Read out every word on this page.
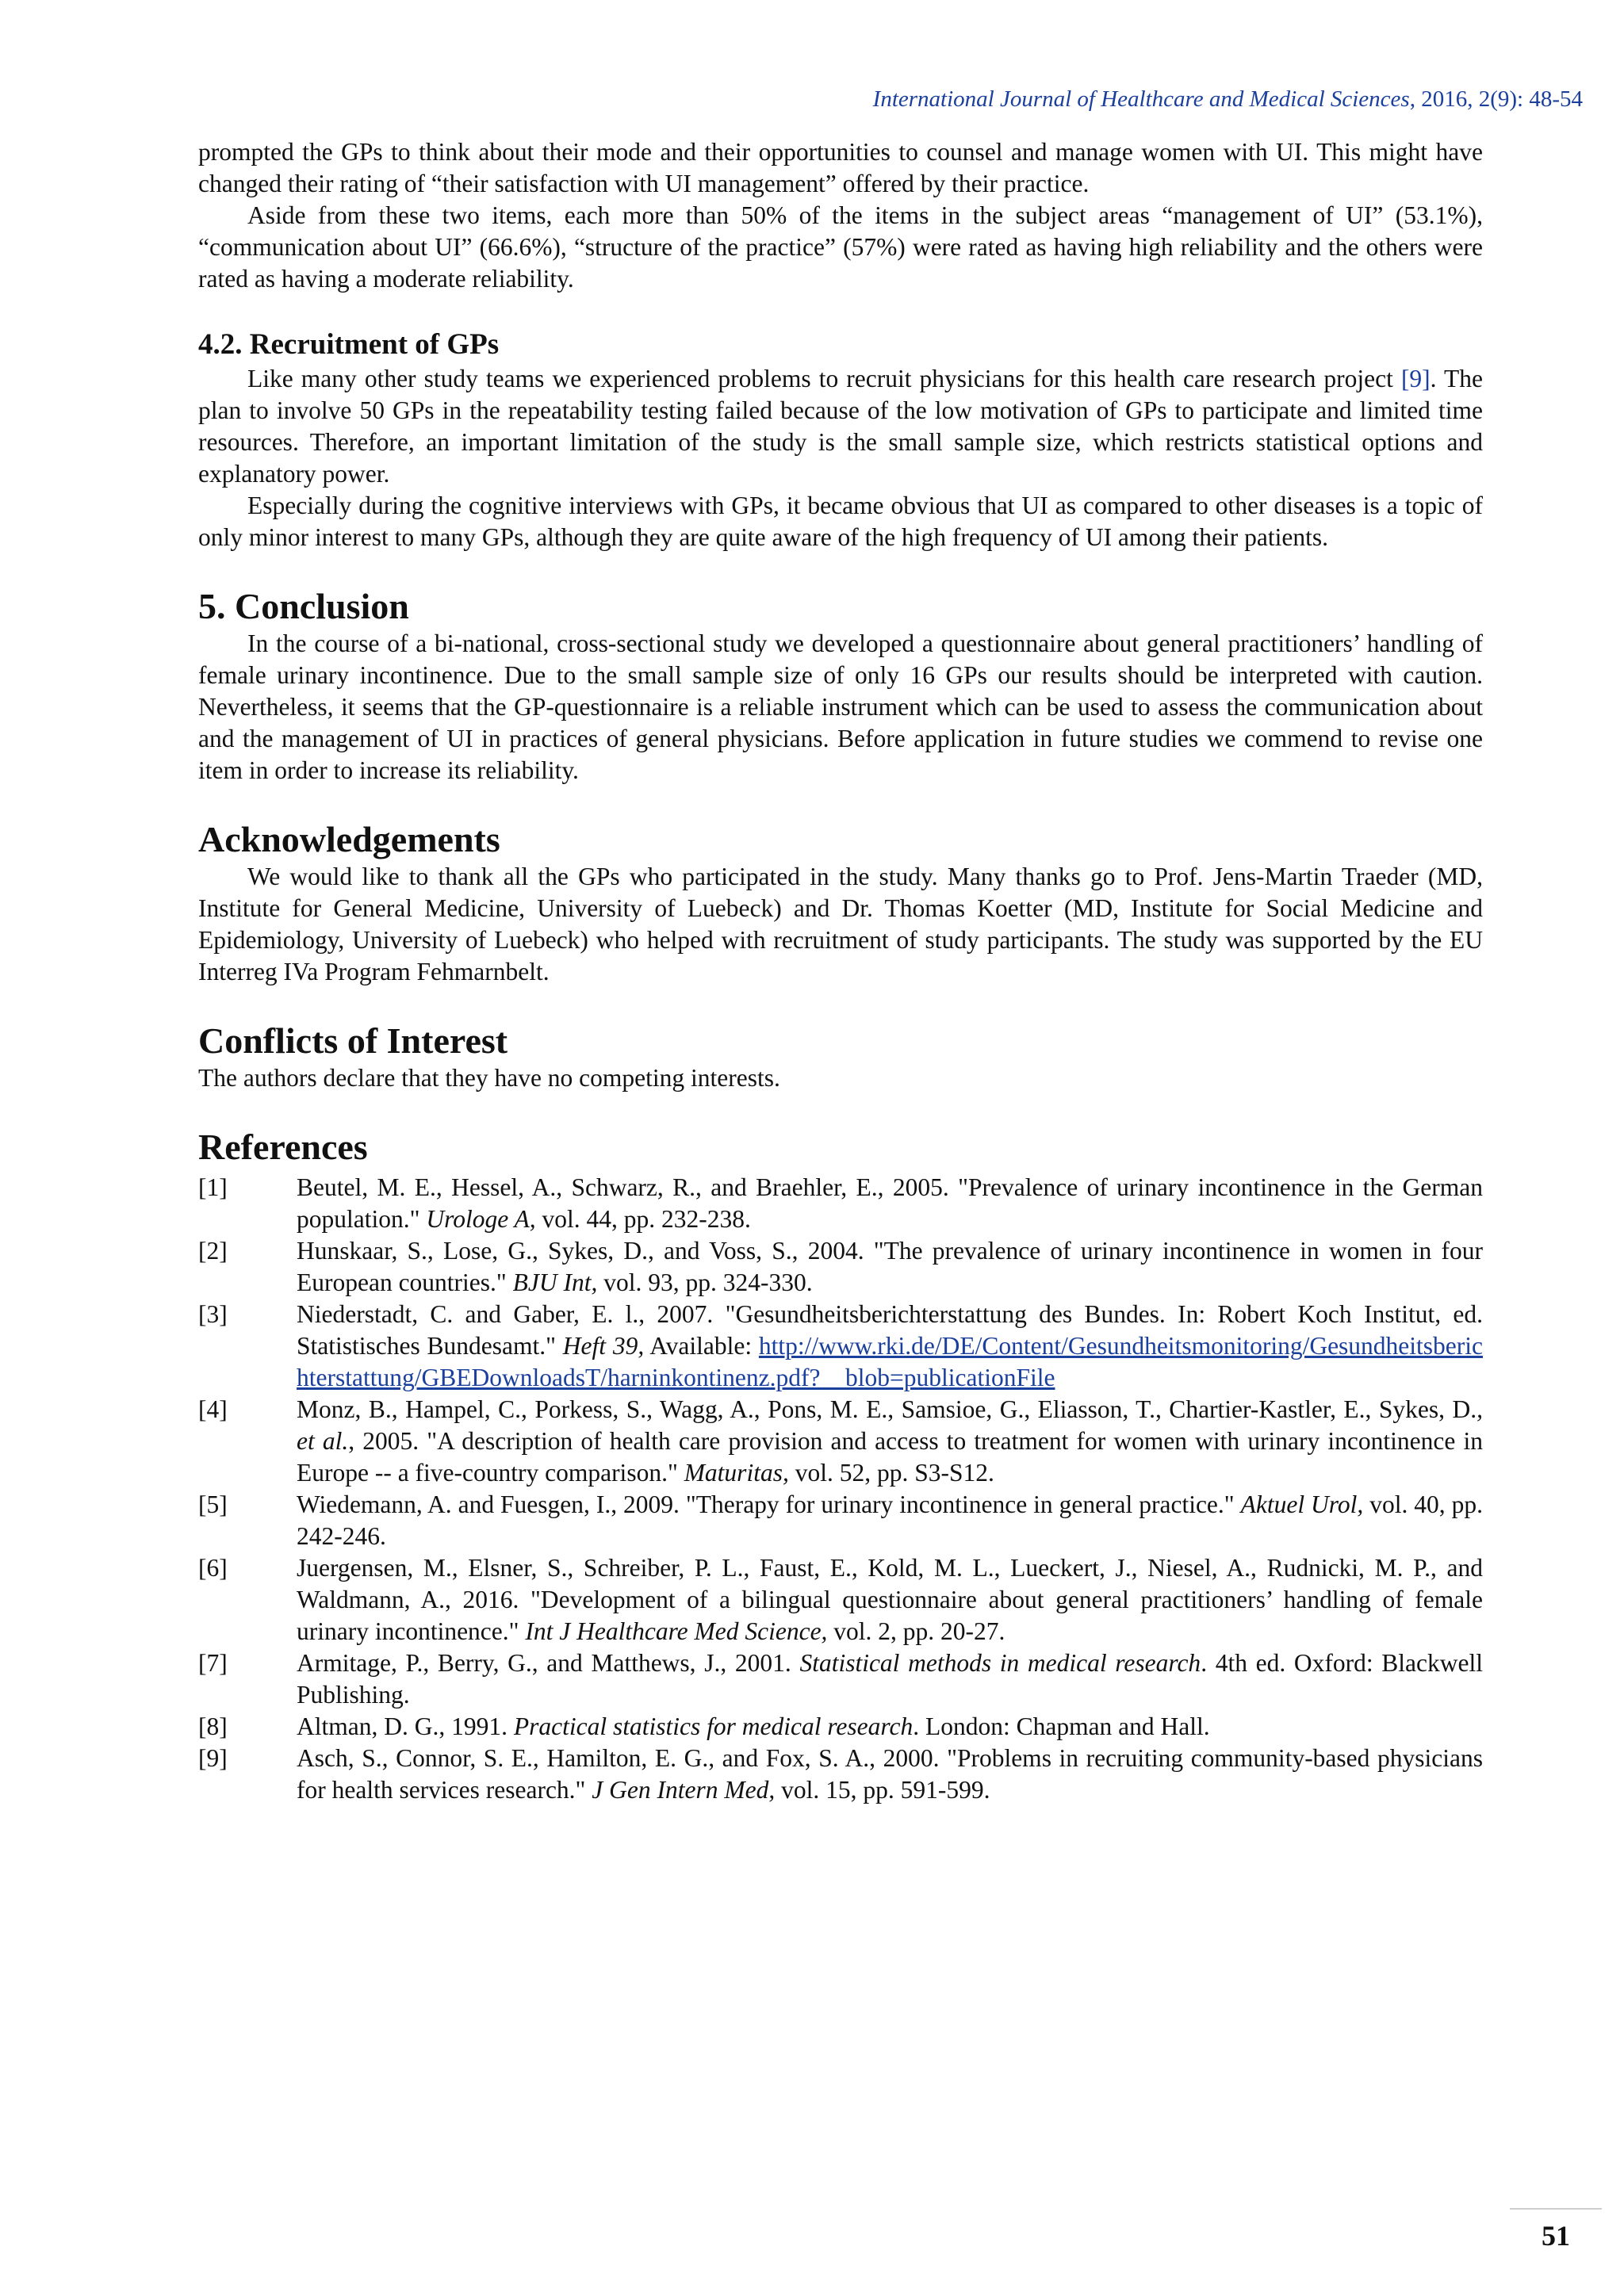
International Journal of Healthcare and Medical Sciences, 2016, 2(9): 48-54

prompted the GPs to think about their mode and their opportunities to counsel and manage women with UI. This might have changed their rating of “their satisfaction with UI management” offered by their practice.

Aside from these two items, each more than 50% of the items in the subject areas “management of UI” (53.1%), “communication about UI” (66.6%), “structure of the practice” (57%) were rated as having high reliability and the others were rated as having a moderate reliability.

4.2. Recruitment of GPs

Like many other study teams we experienced problems to recruit physicians for this health care research project [9]. The plan to involve 50 GPs in the repeatability testing failed because of the low motivation of GPs to participate and limited time resources. Therefore, an important limitation of the study is the small sample size, which restricts statistical options and explanatory power.

Especially during the cognitive interviews with GPs, it became obvious that UI as compared to other diseases is a topic of only minor interest to many GPs, although they are quite aware of the high frequency of UI among their patients.

5. Conclusion

In the course of a bi-national, cross-sectional study we developed a questionnaire about general practitioners’ handling of female urinary incontinence. Due to the small sample size of only 16 GPs our results should be interpreted with caution. Nevertheless, it seems that the GP-questionnaire is a reliable instrument which can be used to assess the communication about and the management of UI in practices of general physicians. Before application in future studies we commend to revise one item in order to increase its reliability.

Acknowledgements

We would like to thank all the GPs who participated in the study. Many thanks go to Prof. Jens-Martin Traeder (MD, Institute for General Medicine, University of Luebeck) and Dr. Thomas Koetter (MD, Institute for Social Medicine and Epidemiology, University of Luebeck) who helped with recruitment of study participants. The study was supported by the EU Interreg IVa Program Fehmarnbelt.

Conflicts of Interest

The authors declare that they have no competing interests.

References
[1]	Beutel, M. E., Hessel, A., Schwarz, R., and Braehler, E., 2005. "Prevalence of urinary incontinence in the German population." Urologe A, vol. 44, pp. 232-238.
[2]	Hunskaar, S., Lose, G., Sykes, D., and Voss, S., 2004. "The prevalence of urinary incontinence in women in four European countries." BJU Int, vol. 93, pp. 324-330.
[3]	Niederstadt, C. and Gaber, E. l., 2007. "Gesundheitsberichterstattung des Bundes. In: Robert Koch Institut, ed. Statistisches Bundesamt." Heft 39, Available: http://www.rki.de/DE/Content/Gesundheitsmonitoring/Gesundheitsberichterstattung/GBEDownloadsT/harninkontinenz.pdf?__blob=publicationFile
[4]	Monz, B., Hampel, C., Porkess, S., Wagg, A., Pons, M. E., Samsioe, G., Eliasson, T., Chartier-Kastler, E., Sykes, D., et al., 2005. "A description of health care provision and access to treatment for women with urinary incontinence in Europe -- a five-country comparison." Maturitas, vol. 52, pp. S3-S12.
[5]	Wiedemann, A. and Fuesgen, I., 2009. "Therapy for urinary incontinence in general practice." Aktuel Urol, vol. 40, pp. 242-246.
[6]	Juergensen, M., Elsner, S., Schreiber, P. L., Faust, E., Kold, M. L., Lueckert, J., Niesel, A., Rudnicki, M. P., and Waldmann, A., 2016. "Development of a bilingual questionnaire about general practitioners’ handling of female urinary incontinence." Int J Healthcare Med Science, vol. 2, pp. 20-27.
[7]	Armitage, P., Berry, G., and Matthews, J., 2001. Statistical methods in medical research. 4th ed. Oxford: Blackwell Publishing.
[8]	Altman, D. G., 1991. Practical statistics for medical research. London: Chapman and Hall.
[9]	Asch, S., Connor, S. E., Hamilton, E. G., and Fox, S. A., 2000. "Problems in recruiting community-based physicians for health services research." J Gen Intern Med, vol. 15, pp. 591-599.
51
